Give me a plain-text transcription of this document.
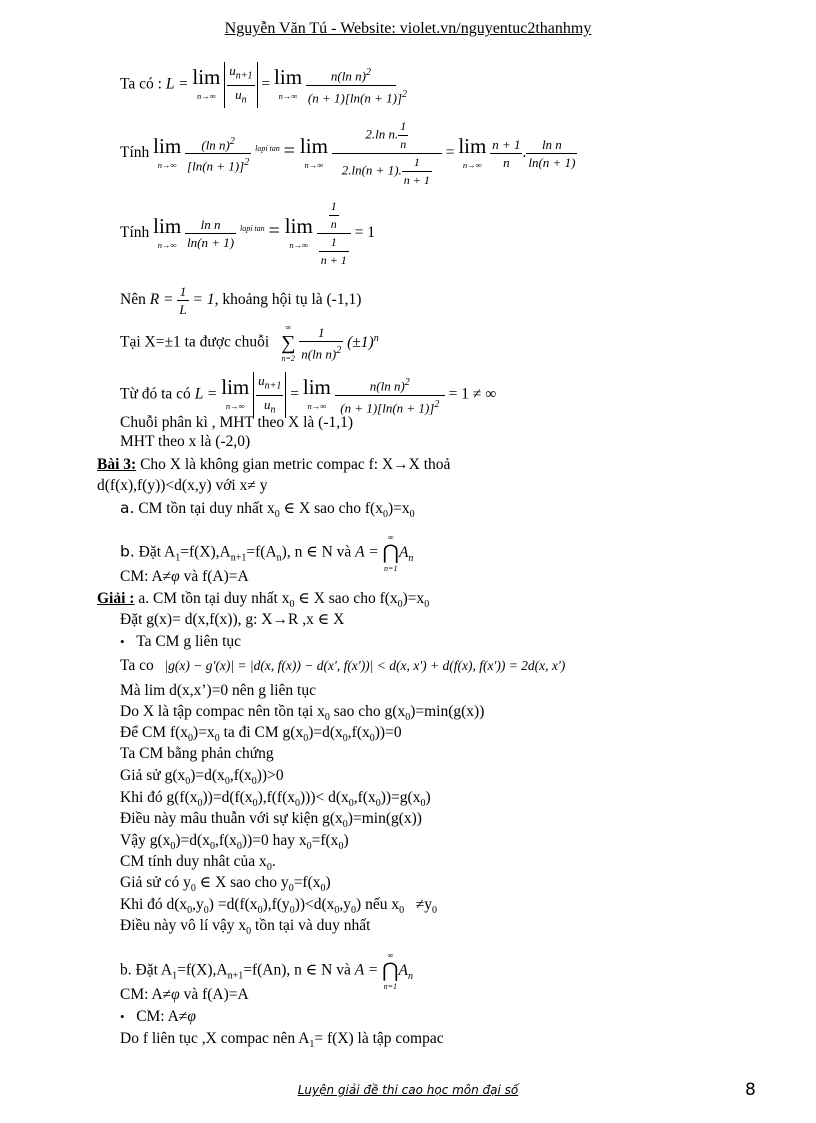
Nguyễn Văn Tú - Website: violet.vn/nguyentuc2thanhmy
Ta có : L = lim
n→∞
$\frac{u_{n+1}}{u_n} = \lim$
n→∞
$\frac{n(\ln n)^2}{(n + 1)[\ln(n + 1)]^2}$
Tính lim
n→∞
$\frac{(\ln n)^2}{[\ln(n + 1)]^2} ^{lopí tan} = \lim$
n→∞
$\frac{2.\ln n. \frac{1}{n}}{2.\ln(n + 1). \frac{1}{n + 1}} = \lim$
n→∞
$\frac{n + 1}{n}$ . $\frac{\text{ln n}}{\ln(n + 1)}$
Tính lim
n→∞
$\frac{\text{ln n}}{\ln(n + 1)} ^{lopí tan} = \lim$
n→∞
$\frac{\frac{1}{n}}{\frac{1}{n + 1}} = 1$
Nên $R = \frac{1}{L} = 1$, khoảng hội tụ là (-1,1)
Tại X=±1 ta được chuỗi
∞
∑
n=2
$\frac{1}{n(\ln n)^2} (\pm 1)^n$
Từ đó ta có L = lim
n→∞
$\frac{u_{n+1}}{u_n} = \lim$
n→∞
$\frac{n(\ln n)^2}{(n + 1)[\ln(n + 1)]^2} = 1$ ≠ ∞
Chuỗi phân kì , MHT theo X là (-1,1)
MHT theo x là (-2,0)
Bài 3: Cho X là không gian metric compac f: X→X thoả
d(f(x),f(y))<d(x,y) với x≠ y
a. CM tồn tại duy nhất $x_0$ ∈ X sao cho $f(x_0)=x_0$
b. Đặt $A_1=f(X),A_{n+1}=f(A_n)$, n ∈ N và A =
∞
⋂
n=1
$A_n$
CM: A≠φ và f(A)=A
Giải : a. CM tồn tại duy nhất $x_0$ ∈ X sao cho $f(x_0)=x_0$
Đặt g(x)= d(x,f(x)), g: X→R ,x ∈ X
• Ta CM g liên tục
Ta co   |g(x) − g'(x)| = |d(x, f(x)) − d(x', f(x'))| < d(x, x') + d(f(x), f(x')) = 2d(x, x')
Mà lim d(x,x’)=0 nên g liên tục
Do X là tập compac nên tồn tại $x_0$ sao cho $g(x_0)=\min(g(x))$
Để CM $f(x_0)=x_0$ ta đi CM $g(x_0)=d(x_0,f(x_0))=0$
Ta CM bằng phản chứng
Giả sử $g(x_0)=d(x_0,f(x_0))>0$
Khi đó $g(f(x_0))=d(f(x_0),f(f(x_0)))< d(x_0,f(x_0))=g(x_0)$
Điều này mâu thuẫn với sự kiện $g(x_0)=\min(g(x))$
Vậy $g(x_0)=d(x_0,f(x_0))=0$ hay $x_0=f(x_0)$
CM tính duy nhât của $x_0$.
Giả sử có $y_0$ ∈ X sao cho $y_0=f(x_0)$
Khi đó $d(x_0,y_0) =d(f(x_0),f(y_0))<d(x_0,y_0)$ nếu $x_0 \ne y_0$
Điều này vô lí vậy $x_0$ tồn tại và duy nhất
b. Đặt $A_1=f(X),A_{n+1}=f(An)$, n ∈ N và A =
∞
⋂
n=1
$A_n$
CM: A≠φ và f(A)=A
• CM: A≠φ
Do f liên tục ,X compac nên $A_1= f(X)$ là tập compac
Luyện giải đề thi cao học môn đại số	8
